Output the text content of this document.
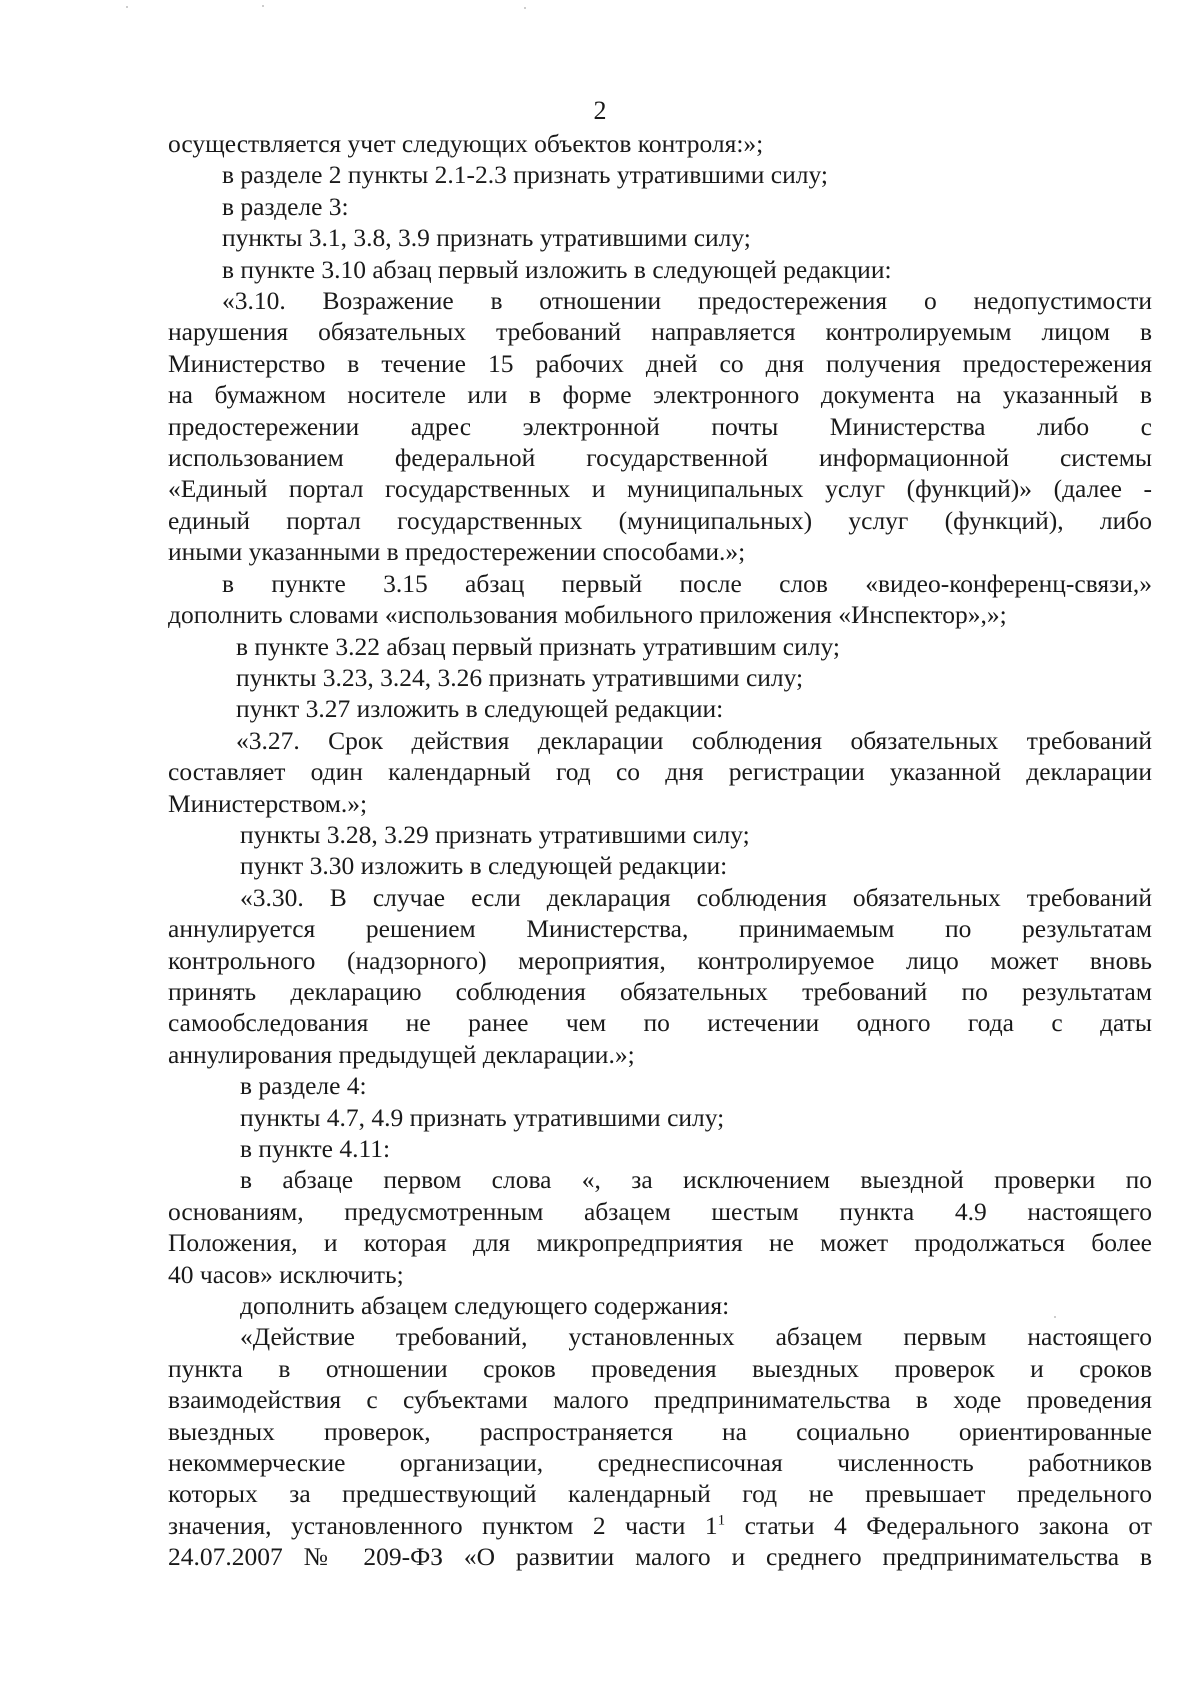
2

осуществляется учет следующих объектов контроля:»;

в разделе 2 пункты 2.1-2.3 признать утратившими силу;

в разделе 3:

пункты 3.1, 3.8, 3.9 признать утратившими силу;

в пункте 3.10 абзац первый изложить в следующей редакции:

«3.10. Возражение в отношении предостережения о недопустимости
нарушения обязательных требований направляется контролируемым лицом в
Министерство в течение 15 рабочих дней со дня получения предостережения
на бумажном носителе или в форме электронного документа на указанный в
предостережении адрес электронной почты Министерства либо с
использованием федеральной государственной информационной системы
«Единый портал государственных и муниципальных услуг (функций)» (далее -
единый портал государственных (муниципальных) услуг (функций), либо
иными указанными в предостережении способами.»;
в пункте 3.15 абзац первый после слов «видео-конференц-связи,»
дополнить словами «использования мобильного приложения «Инспектор»,»;

в пункте 3.22 абзац первый признать утратившим силу;

пункты 3.23, 3.24, 3.26 признать утратившими силу;

пункт 3.27 изложить в следующей редакции:

«3.27. Срок действия декларации соблюдения обязательных требований
составляет один календарный год со дня регистрации указанной декларации
Министерством.»;

пункты 3.28, 3.29 признать утратившими силу;

пункт 3.30 изложить в следующей редакции:

«3.30. В случае если декларация соблюдения обязательных требований
аннулируется решением Министерства, принимаемым по результатам
контрольного (надзорного) мероприятия, контролируемое лицо может вновь
принять декларацию соблюдения обязательных требований по результатам
самообследования не ранее чем по истечении одного года с даты
аннулирования предыдущей декларации.»;

в разделе 4:

пункты 4.7, 4.9 признать утратившими силу;

в пункте 4.11:

в абзаце первом слова «, за исключением выездной проверки по
основаниям, предусмотренным абзацем шестым пункта 4.9 настоящего
Положения, и которая для микропредприятия не может продолжаться более
40 часов» исключить;

дополнить абзацем следующего содержания:

«Действие требований, установленных абзацем первым настоящего
пункта в отношении сроков проведения выездных проверок и сроков
взаимодействия с субъектами малого предпринимательства в ходе проведения
выездных проверок, распространяется на социально ориентированные
некоммерческие организации, среднесписочная численность работников
которых за предшествующий календарный год не превышает предельного
значения, установленного пунктом 2 части $1^1$ статьи 4 Федерального закона от
24.07.2007 № 209-ФЗ «О развитии малого и среднего предпринимательства в
